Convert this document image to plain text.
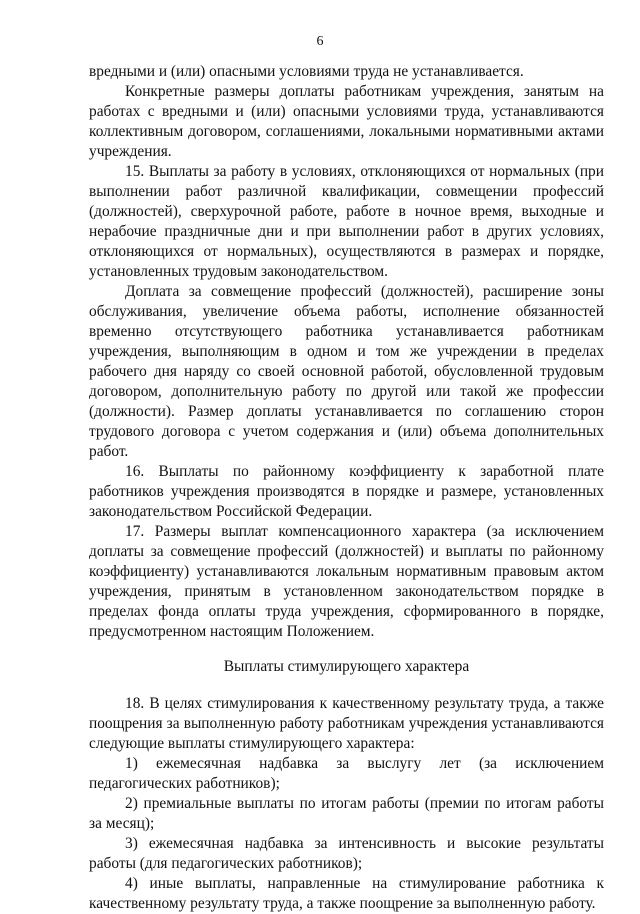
6

вредными и (или) опасными условиями труда не устанавливается.

Конкретные размеры доплаты работникам учреждения, занятым на работах с вредными и (или) опасными условиями труда, устанавливаются коллективным договором, соглашениями, локальными нормативными актами учреждения.

15. Выплаты за работу в условиях, отклоняющихся от нормальных (при выполнении работ различной квалификации, совмещении профессий (должностей), сверхурочной работе, работе в ночное время, выходные и нерабочие праздничные дни и при выполнении работ в других условиях, отклоняющихся от нормальных), осуществляются в размерах и порядке, установленных трудовым законодательством.

Доплата за совмещение профессий (должностей), расширение зоны обслуживания, увеличение объема работы, исполнение обязанностей временно отсутствующего работника устанавливается работникам учреждения, выполняющим в одном и том же учреждении в пределах рабочего дня наряду со своей основной работой, обусловленной трудовым договором, дополнительную работу по другой или такой же профессии (должности). Размер доплаты устанавливается по соглашению сторон трудового договора с учетом содержания и (или) объема дополнительных работ.

16. Выплаты по районному коэффициенту к заработной плате работников учреждения производятся в порядке и размере, установленных законодательством Российской Федерации.

17. Размеры выплат компенсационного характера (за исключением доплаты за совмещение профессий (должностей) и выплаты по районному коэффициенту) устанавливаются локальным нормативным правовым актом учреждения, принятым в установленном законодательством порядке в пределах фонда оплаты труда учреждения, сформированного в порядке, предусмотренном настоящим Положением.

Выплаты стимулирующего характера

18. В целях стимулирования к качественному результату труда, а также поощрения за выполненную работу работникам учреждения устанавливаются следующие выплаты стимулирующего характера:

1) ежемесячная надбавка за выслугу лет (за исключением педагогических работников);

2) премиальные выплаты по итогам работы (премии по итогам работы за месяц);

3) ежемесячная надбавка за интенсивность и высокие результаты работы (для педагогических работников);

4) иные выплаты, направленные на стимулирование работника к качественному результату труда, а также поощрение за выполненную работу.
